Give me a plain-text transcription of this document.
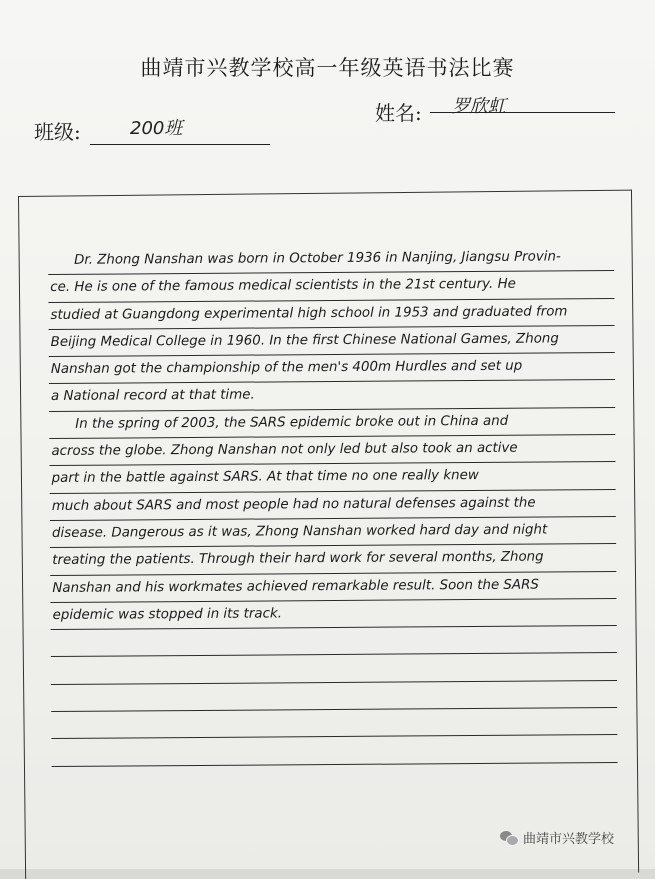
曲靖市兴教学校高一年级英语书法比赛
班级:	200班
姓名: 罗欣虹
Dr. Zhong Nanshan was born in October 1936 in Nanjing, Jiangsu Provin-
ce. He is one of the famous medical scientists in the 21st century. He
studied at Guangdong experimental high school in 1953 and graduated from
Beijing Medical College in 1960. In the first Chinese National Games, Zhong
Nanshan got the championship of the men's 400m Hurdles and set up
a National record at that time.
In the spring of 2003, the SARS epidemic broke out in China and
across the globe. Zhong Nanshan not only led but also took an active
part in the battle against SARS. At that time no one really knew
much about SARS and most people had no natural defenses against the
disease. Dangerous as it was, Zhong Nanshan worked hard day and night
treating the patients. Through their hard work for several months, Zhong
Nanshan and his workmates achieved remarkable result. Soon the SARS
epidemic was stopped in its track.
曲靖市兴教学校
